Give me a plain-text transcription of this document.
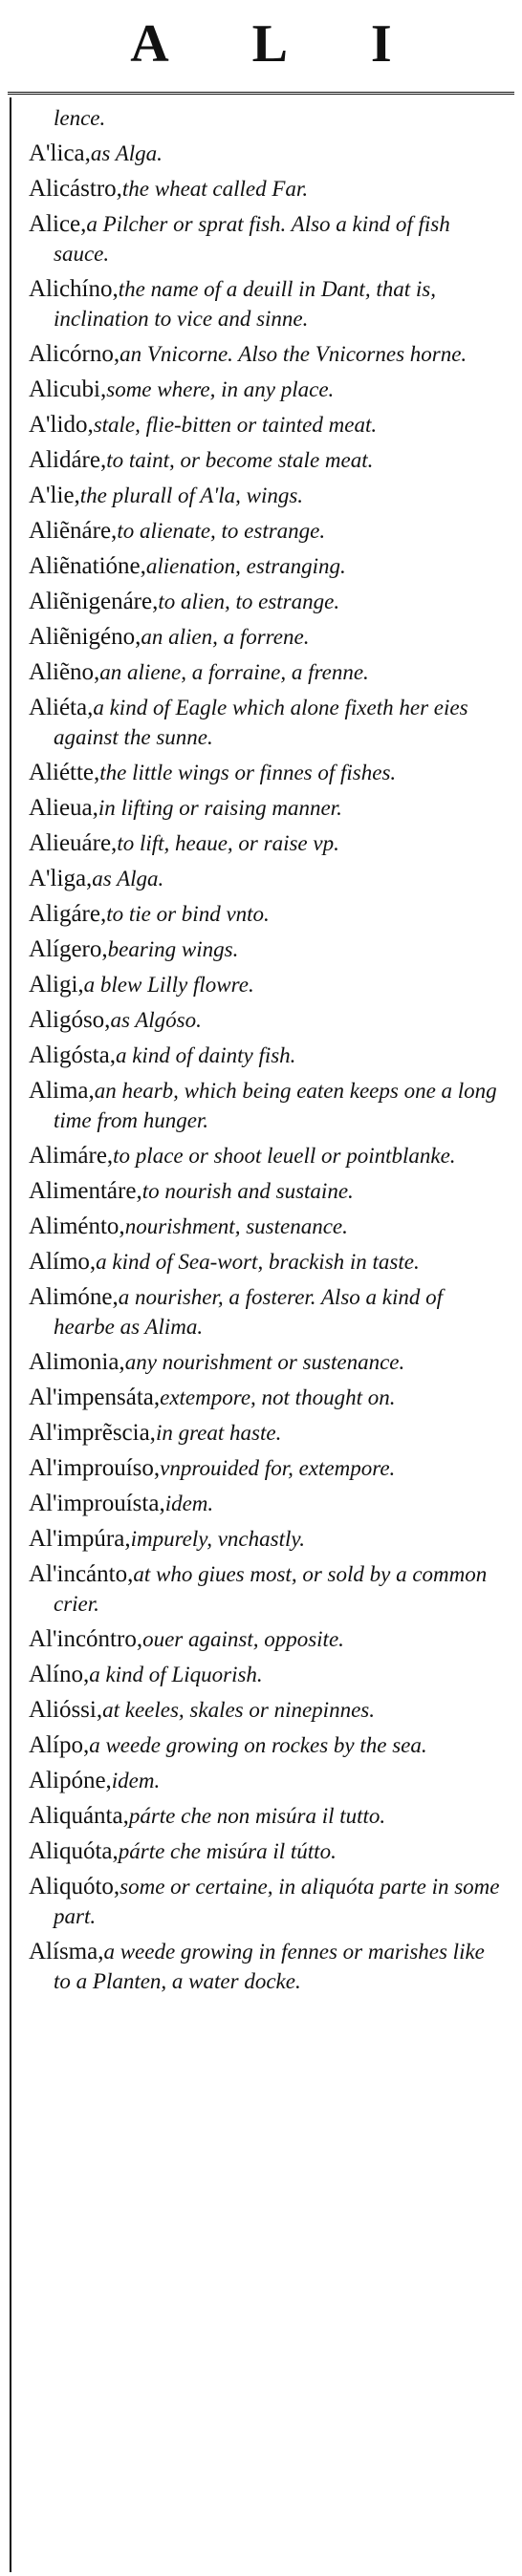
A L I
lence.
A'lica,as Alga.
Alicástro,the wheat called Far.
Alice,a Pilcher or sprat fish. Also a kind of fish sauce.
Alichíno,the name of a deuill in Dant, that is, inclination to vice and sinne.
Alicórno,an Vnicorne. Also the Vnicornes horne.
Alicubi,some where, in any place.
A'lido,stale, flie-bitten or tainted meat.
Alidáre,to taint, or become stale meat.
A'lie,the plurall of A'la, wings.
Aliẽnáre,to alienate, to estrange.
Aliẽnatióne,alienation, estranging.
Aliẽnigenáre,to alien, to estrange.
Aliẽnigéno,an alien, a forrene.
Aliẽno,an aliene, a forraine, a frenne.
Aliéta,a kind of Eagle which alone fixeth her eies against the sunne.
Aliétte,the little wings or finnes of fishes.
Alieua,in lifting or raising manner.
Alieuáre,to lift, heaue, or raise vp.
A'liga,as Alga.
Aligáre,to tie or bind vnto.
Alígero,bearing wings.
Aligi,a blew Lilly flowre.
Aligóso,as Algóso.
Aligósta,a kind of dainty fish.
Alima,an hearb, which being eaten keeps one a long time from hunger.
Alimáre,to place or shoot leuell or pointblanke.
Alimentáre,to nourish and sustaine.
Aliménto,nourishment, sustenance.
Alímo,a kind of Sea-wort, brackish in taste.
Alimóne,a nourisher, a fosterer. Also a kind of hearbe as Alima.
Alimonia,any nourishment or sustenance.
Al'impensáta,extempore, not thought on.
Al'imprẽscia,in great haste.
Al'improuíso,vnprouided for, extempore.
Al'improuísta,idem.
Al'impúra,impurely, vnchastly.
Al'incánto,at who giues most, or sold by a common crier.
Al'incóntro,ouer against, opposite.
Alíno,a kind of Liquorish.
Alióssi,at keeles, skales or ninepinnes.
Alípo,a weede growing on rockes by the sea.
Alipóne,idem.
Aliquánta,párte che non misúra il tutto.
Aliquóta,párte che misúra il tútto.
Aliquóto,some or certaine, in aliquóta parte in some part.
Alísma,a weede growing in fennes or marishes like to a Planten, a water docke.
